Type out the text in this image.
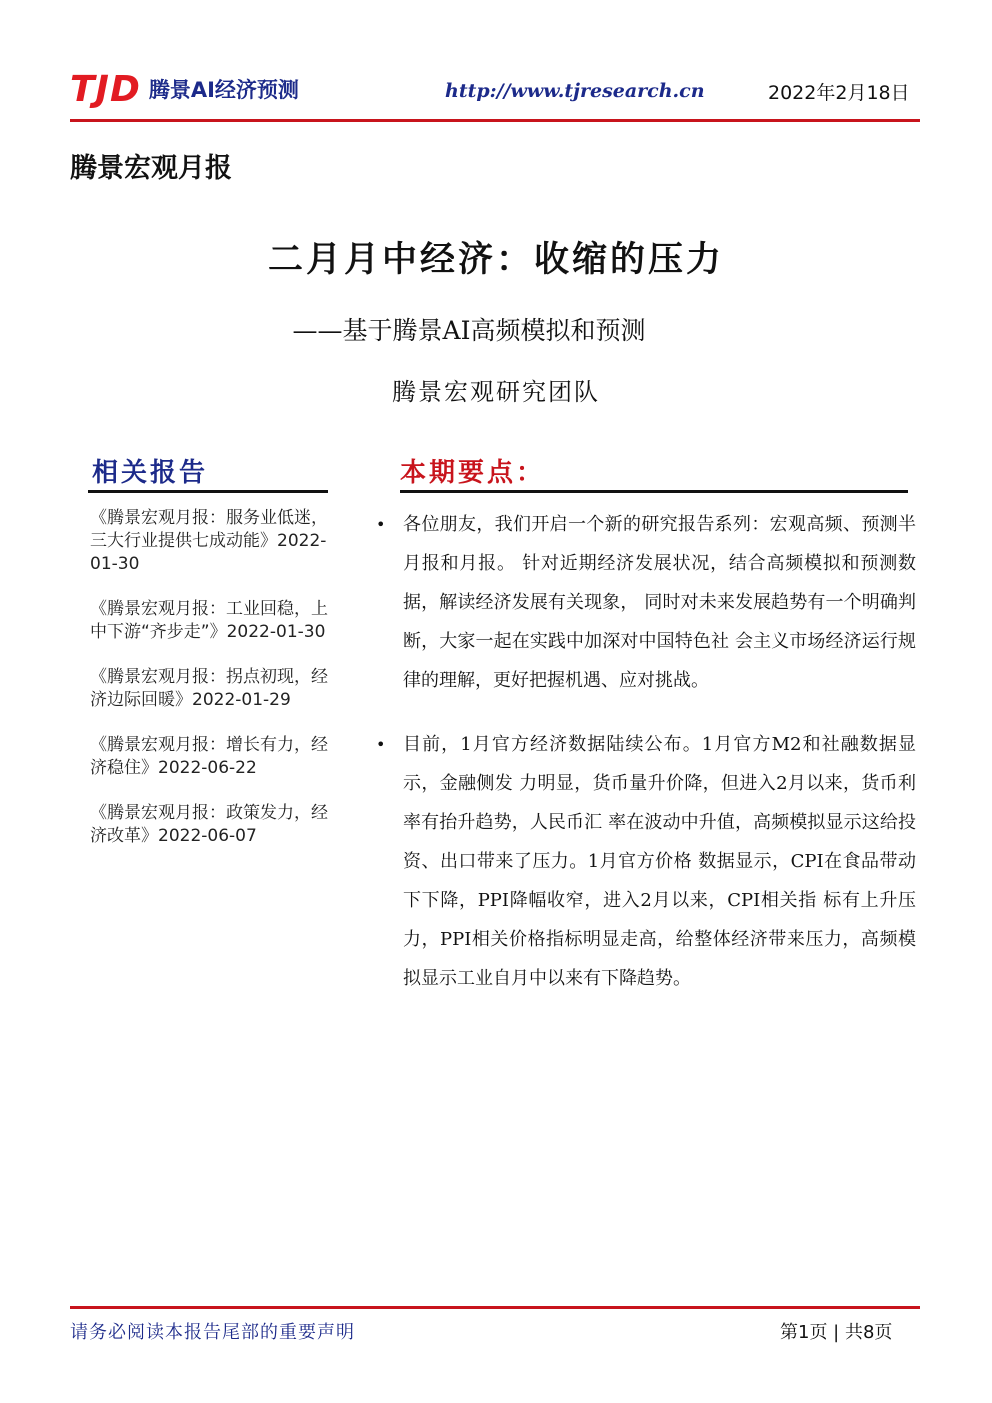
TJD 腾景AI经济预测	http://www.tjresearch.cn	2022年2月18日
腾景宏观月报
二月月中经济：收缩的压力
——基于腾景AI高频模拟和预测
腾景宏观研究团队
相关报告
《腾景宏观月报：服务业低迷，三大行业提供七成动能》2022-01-30
《腾景宏观月报：工业回稳，上中下游“齐步走”》2022-01-30
《腾景宏观月报：拐点初现，经济边际回暖》2022-01-29
《腾景宏观月报：增长有力，经济稳住》2022-06-22
《腾景宏观月报：政策发力，经济改革》2022-06-07
本期要点：
• 各位朋友，我们开启一个新的研究报告系列：宏观高频、预测半月报和月报。 针对近期经济发展状况，结合高频模拟和预测数据，解读经济发展有关现象， 同时对未来发展趋势有一个明确判断，大家一起在实践中加深对中国特色社 会主义市场经济运行规律的理解，更好把握机遇、应对挑战。
• 目前，1月官方经济数据陆续公布。1月官方M2和社融数据显示，金融侧发 力明显，货币量升价降，但进入2月以来，货币利率有抬升趋势，人民币汇 率在波动中升值，高频模拟显示这给投资、出口带来了压力。1月官方价格 数据显示，CPI在食品带动下下降，PPI降幅收窄，进入2月以来，CPI相关指 标有上升压力，PPI相关价格指标明显走高，给整体经济带来压力，高频模 拟显示工业自月中以来有下降趋势。
请务必阅读本报告尾部的重要声明	第1页 | 共8页
